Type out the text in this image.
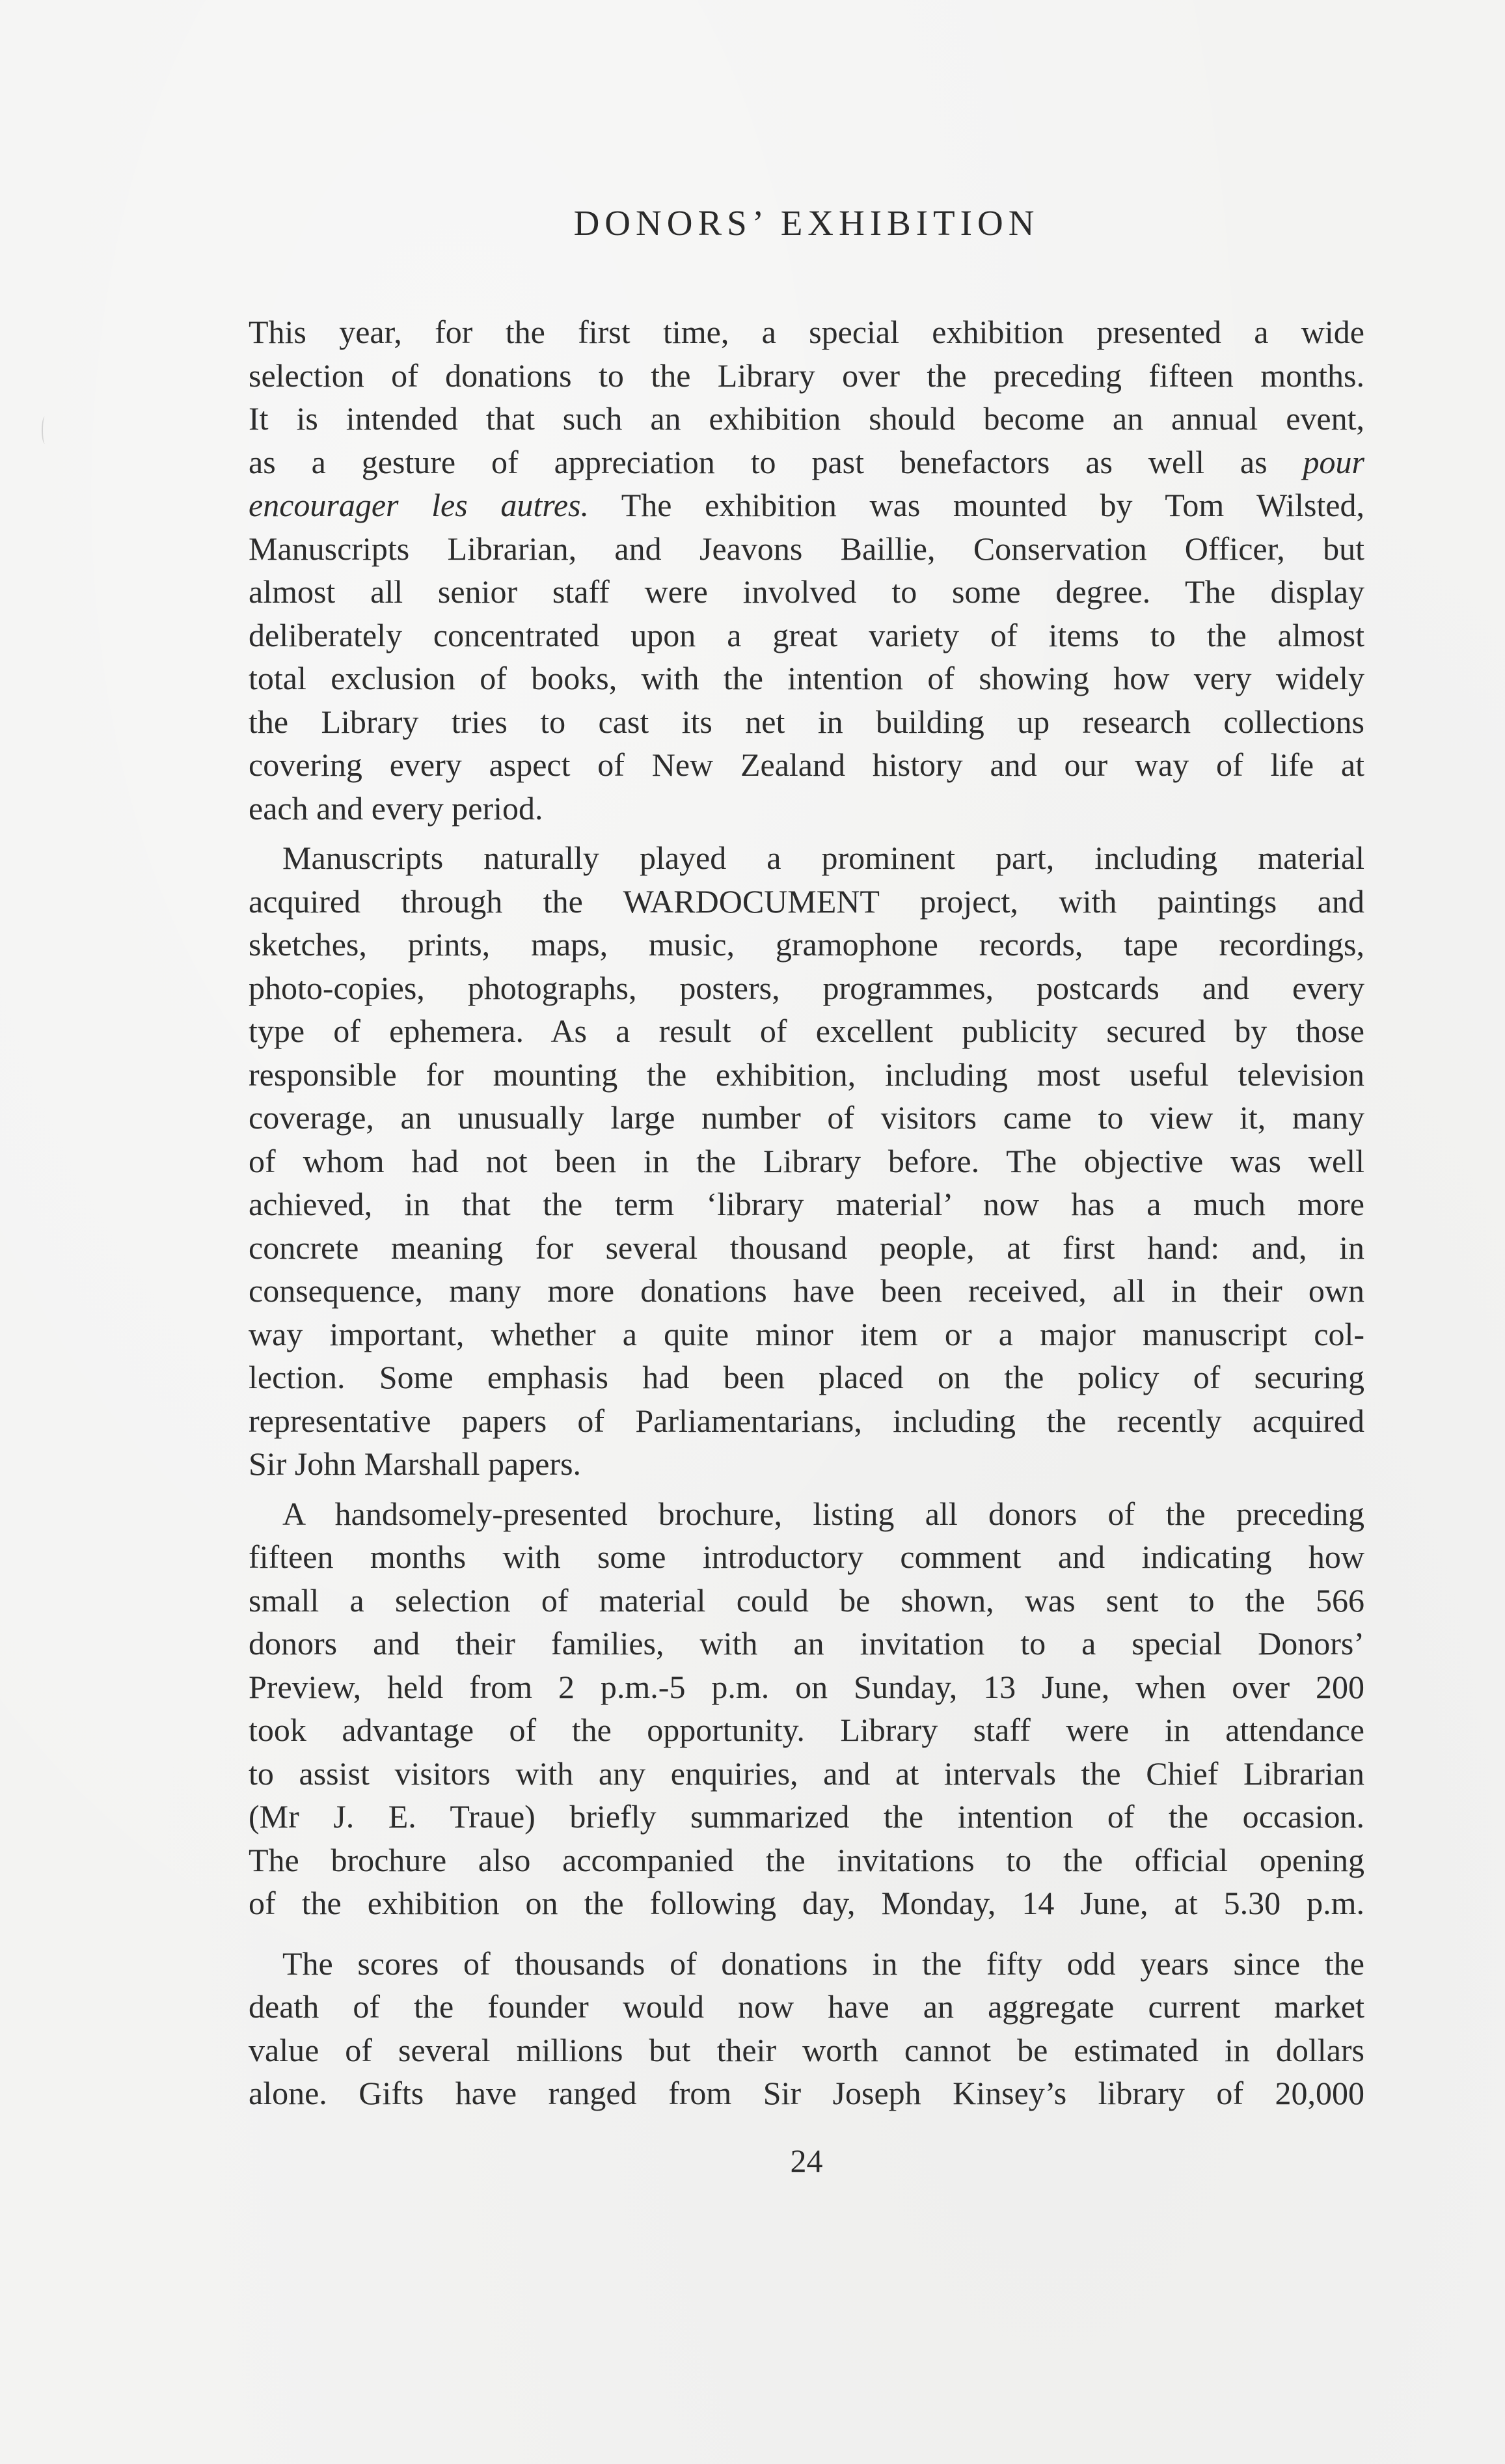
DONORS’ EXHIBITION

This year, for the first time, a special exhibition presented a wide
selection of donations to the Library over the preceding fifteen months.
It is intended that such an exhibition should become an annual event,
as a gesture of appreciation to past benefactors as well as pour
encourager les autres. The exhibition was mounted by Tom Wilsted,
Manuscripts Librarian, and Jeavons Baillie, Conservation Officer, but
almost all senior staff were involved to some degree. The display
deliberately concentrated upon a great variety of items to the almost
total exclusion of books, with the intention of showing how very widely
the Library tries to cast its net in building up research collections
covering every aspect of New Zealand history and our way of life at
each and every period.

Manuscripts naturally played a prominent part, including material
acquired through the WARDOCUMENT project, with paintings and
sketches, prints, maps, music, gramophone records, tape recordings,
photo-copies, photographs, posters, programmes, postcards and every
type of ephemera. As a result of excellent publicity secured by those
responsible for mounting the exhibition, including most useful television
coverage, an unusually large number of visitors came to view it, many
of whom had not been in the Library before. The objective was well
achieved, in that the term ‘library material’ now has a much more
concrete meaning for several thousand people, at first hand: and, in
consequence, many more donations have been received, all in their own
way important, whether a quite minor item or a major manuscript col-
lection. Some emphasis had been placed on the policy of securing
representative papers of Parliamentarians, including the recently acquired
Sir John Marshall papers.

A handsomely-presented brochure, listing all donors of the preceding
fifteen months with some introductory comment and indicating how
small a selection of material could be shown, was sent to the 566
donors and their families, with an invitation to a special Donors’
Preview, held from 2 p.m.-5 p.m. on Sunday, 13 June, when over 200
took advantage of the opportunity. Library staff were in attendance
to assist visitors with any enquiries, and at intervals the Chief Librarian
(Mr J. E. Traue) briefly summarized the intention of the occasion.
The brochure also accompanied the invitations to the official opening
of the exhibition on the following day, Monday, 14 June, at 5.30 p.m.

The scores of thousands of donations in the fifty odd years since the
death of the founder would now have an aggregate current market
value of several millions but their worth cannot be estimated in dollars
alone. Gifts have ranged from Sir Joseph Kinsey’s library of 20,000

24
